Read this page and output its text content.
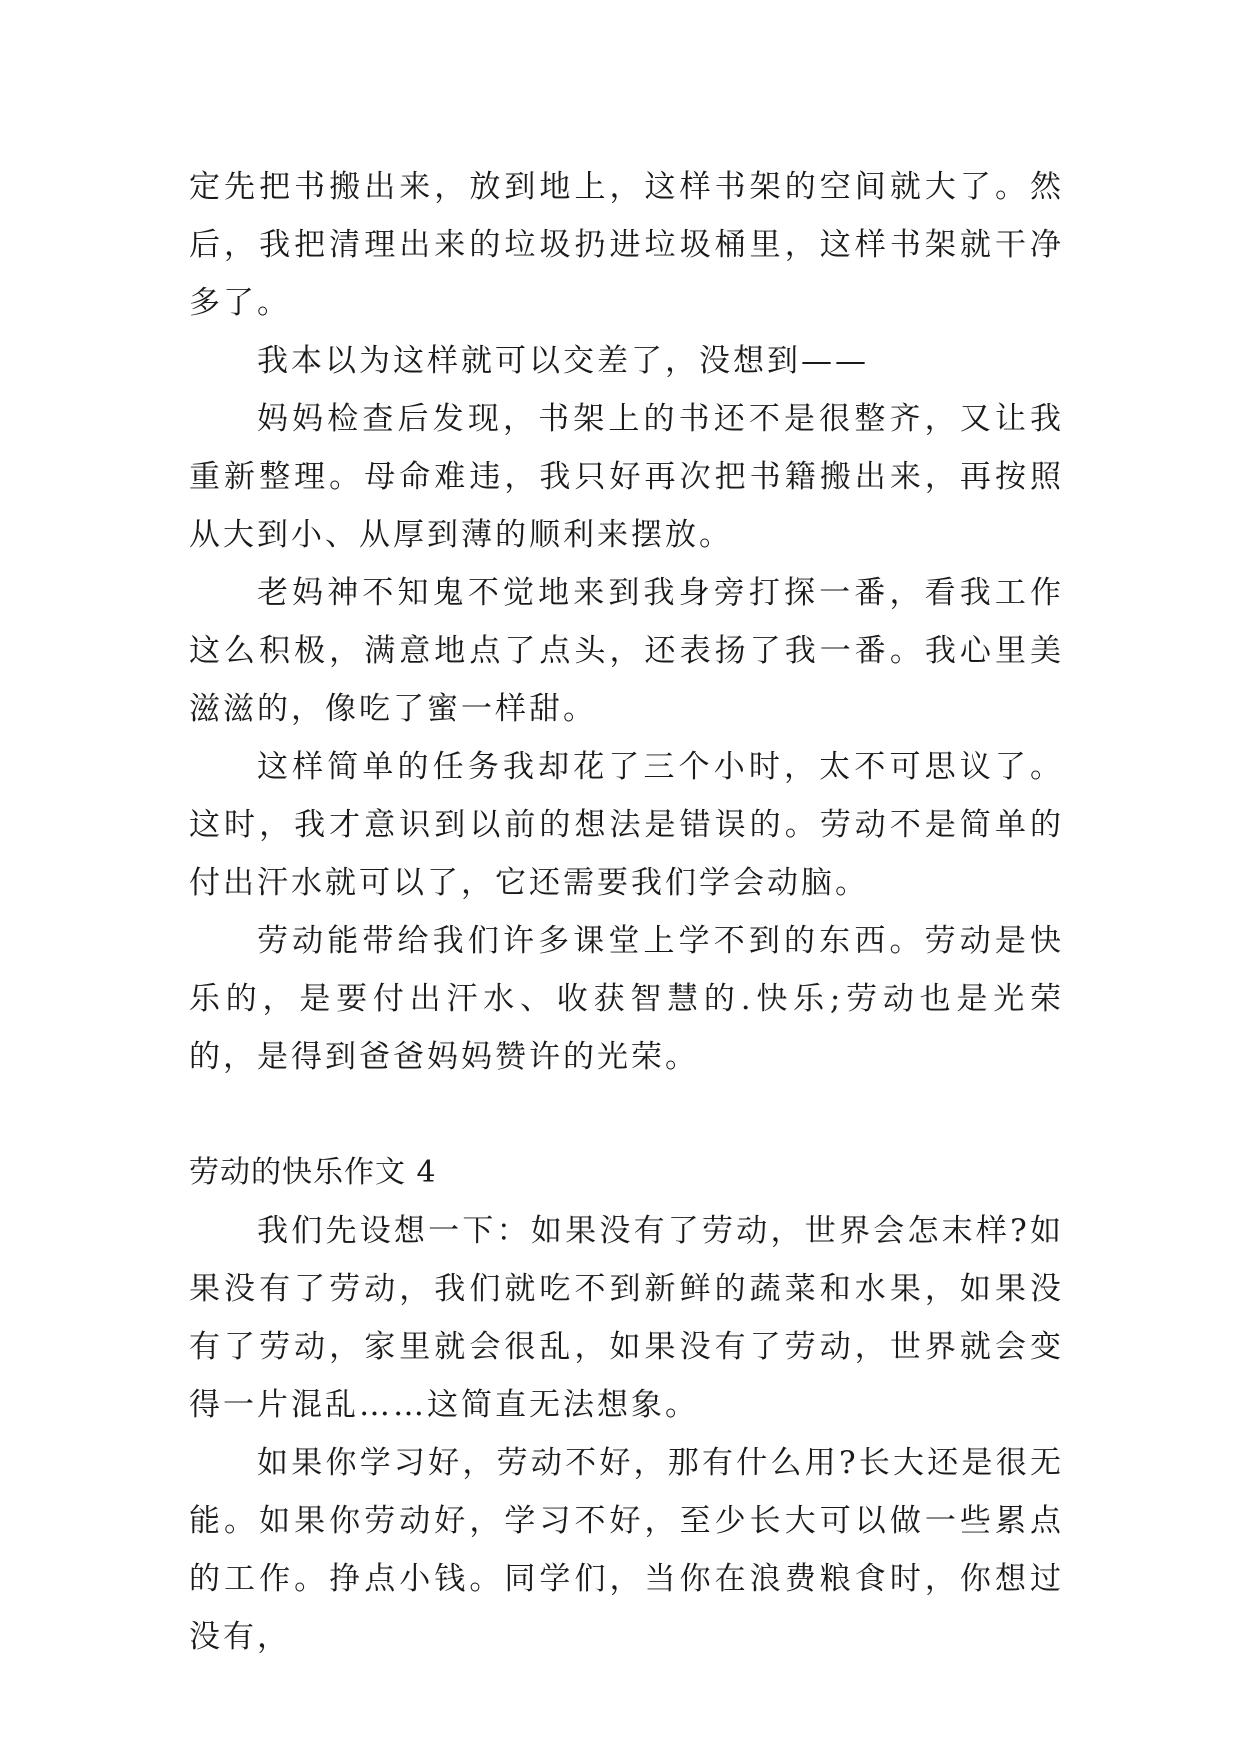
定先把书搬出来，放到地上，这样书架的空间就大了。然后，我把清理出来的垃圾扔进垃圾桶里，这样书架就干净多了。

我本以为这样就可以交差了，没想到——

妈妈检查后发现，书架上的书还不是很整齐，又让我重新整理。母命难违，我只好再次把书籍搬出来，再按照从大到小、从厚到薄的顺利来摆放。

老妈神不知鬼不觉地来到我身旁打探一番，看我工作这么积极，满意地点了点头，还表扬了我一番。我心里美滋滋的，像吃了蜜一样甜。

这样简单的任务我却花了三个小时，太不可思议了。这时，我才意识到以前的想法是错误的。劳动不是简单的付出汗水就可以了，它还需要我们学会动脑。

劳动能带给我们许多课堂上学不到的东西。劳动是快乐的，是要付出汗水、收获智慧的.快乐;劳动也是光荣的，是得到爸爸妈妈赞许的光荣。

劳动的快乐作文 4

我们先设想一下：如果没有了劳动，世界会怎末样?如果没有了劳动，我们就吃不到新鲜的蔬菜和水果，如果没有了劳动，家里就会很乱，如果没有了劳动，世界就会变得一片混乱……这简直无法想象。

如果你学习好，劳动不好，那有什么用?长大还是很无能。如果你劳动好，学习不好，至少长大可以做一些累点的工作。挣点小钱。同学们，当你在浪费粮食时，你想过没有，
